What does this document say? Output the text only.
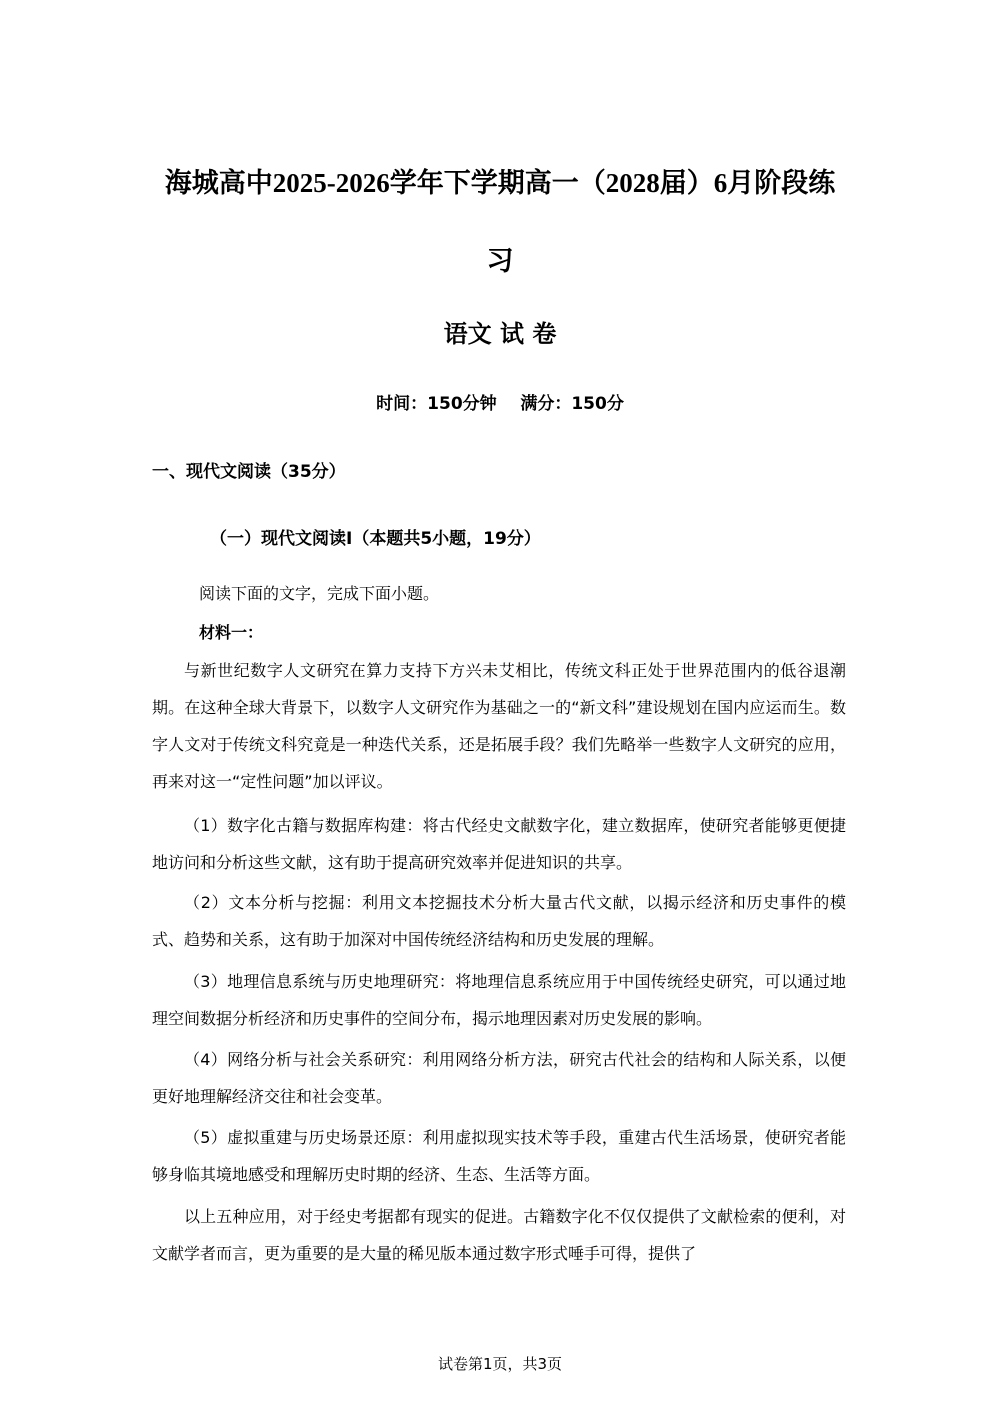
海城高中2025-2026学年下学期高一（2028届）6月阶段练
习
语文 试 卷
时间：150分钟    满分：150分
一、现代文阅读（35分）
（一）现代文阅读Ⅰ（本题共5小题，19分）
阅读下面的文字，完成下面小题。
材料一：

与新世纪数字人文研究在算力支持下方兴未艾相比，传统文科正处于世界范围内的低谷退潮期。在这种全球大背景下，以数字人文研究作为基础之一的“新文科”建设规划在国内应运而生。数字人文对于传统文科究竟是一种迭代关系，还是拓展手段？我们先略举一些数字人文研究的应用，再来对这一“定性问题”加以评议。

（1）数字化古籍与数据库构建：将古代经史文献数字化，建立数据库，使研究者能够更便捷地访问和分析这些文献，这有助于提高研究效率并促进知识的共享。

（2）文本分析与挖掘：利用文本挖掘技术分析大量古代文献，以揭示经济和历史事件的模式、趋势和关系，这有助于加深对中国传统经济结构和历史发展的理解。

（3）地理信息系统与历史地理研究：将地理信息系统应用于中国传统经史研究，可以通过地理空间数据分析经济和历史事件的空间分布，揭示地理因素对历史发展的影响。

（4）网络分析与社会关系研究：利用网络分析方法，研究古代社会的结构和人际关系，以便更好地理解经济交往和社会变革。

（5）虚拟重建与历史场景还原：利用虚拟现实技术等手段，重建古代生活场景，使研究者能够身临其境地感受和理解历史时期的经济、生态、生活等方面。

以上五种应用，对于经史考据都有现实的促进。古籍数字化不仅仅提供了文献检索的便利，对文献学者而言，更为重要的是大量的稀见版本通过数字形式唾手可得，提供了

试卷第1页，共3页
